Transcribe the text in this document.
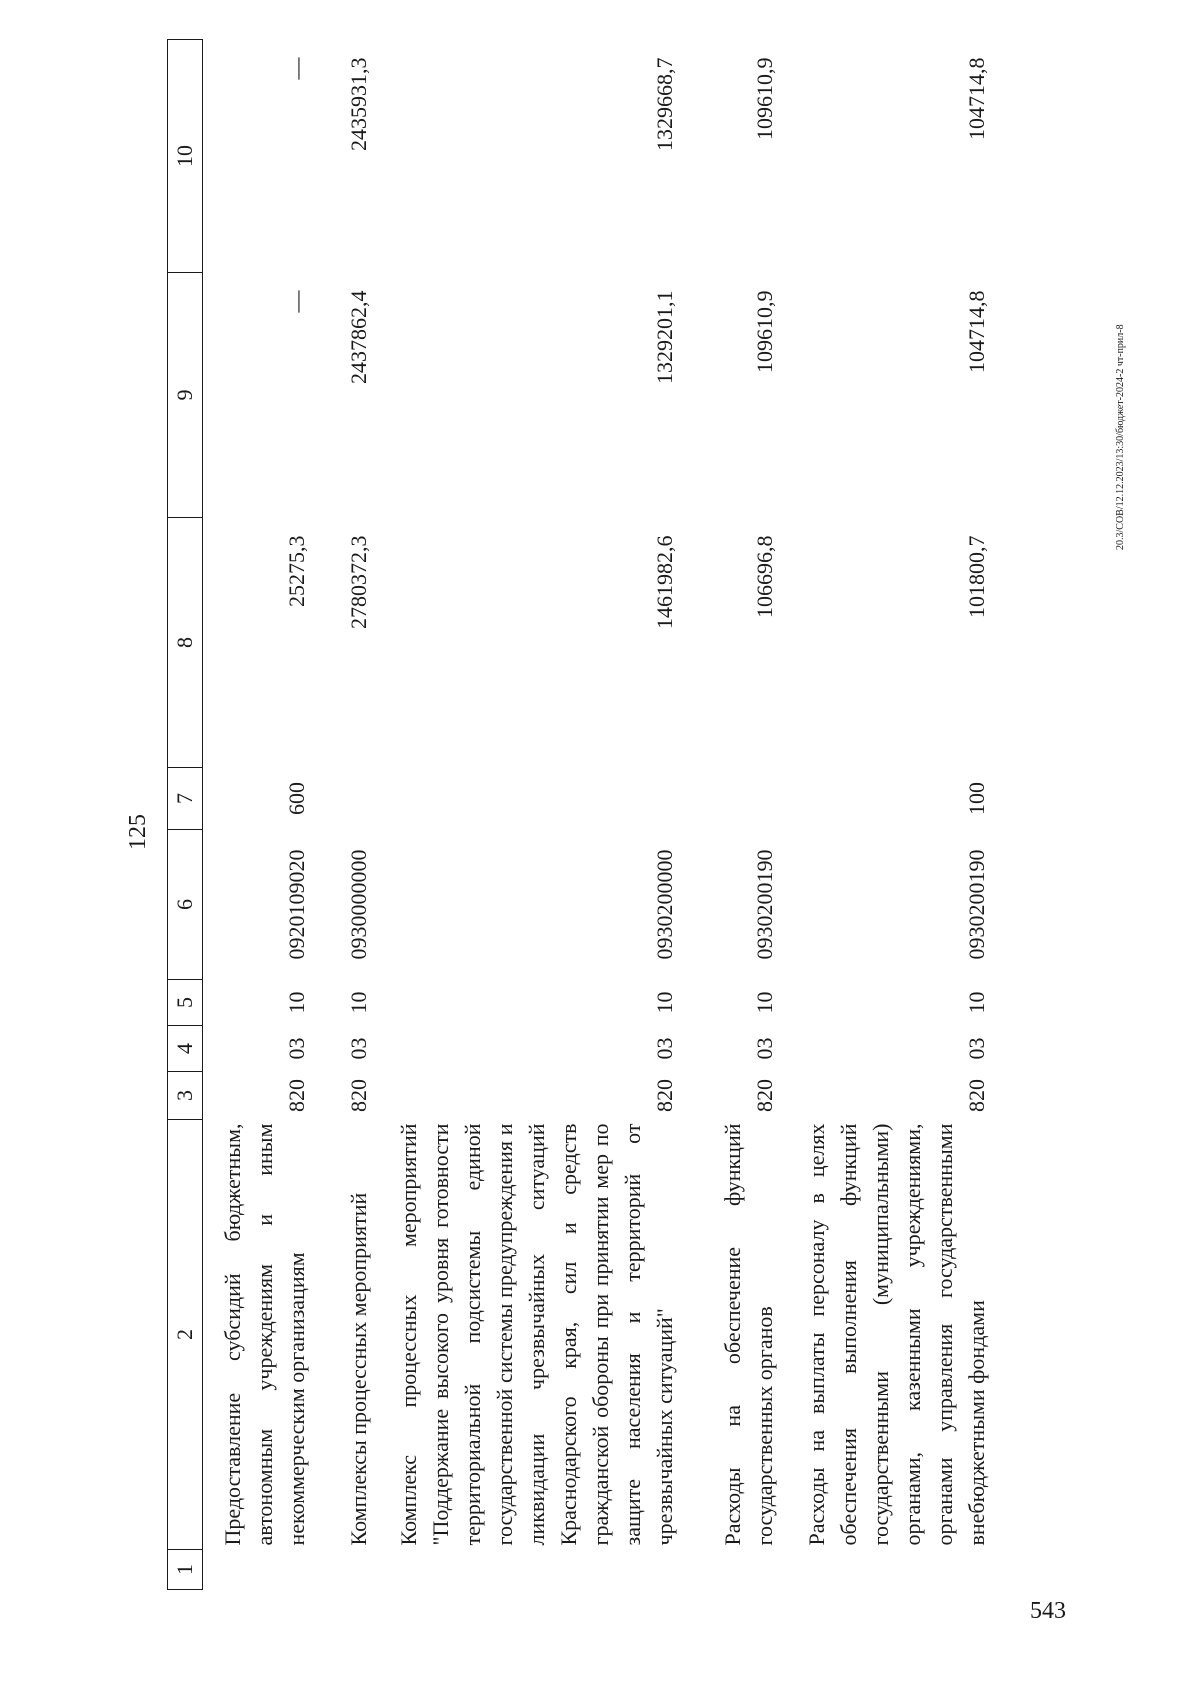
125
1	2	3	4	5	6	7	8	9	10
	Предоставление субсидий бюджетным, автономным учреждениям и иным некоммерческим организациям	820	03	10	0920109020	600	25275,3	—	—
	Комплексы процессных мероприятий	820	03	10	0930000000		2780372,3	2437862,4	2435931,3
	Комплекс процессных мероприятий "Поддержание высокого уровня готовности территориальной подсистемы единой государственной системы предупреждения и ликвидации чрезвычайных ситуаций Краснодарского края, сил и средств гражданской обороны при принятии мер по защите населения и территорий от чрезвычайных ситуаций"	820	03	10	0930200000		1461982,6	1329201,1	1329668,7
	Расходы на обеспечение функций государственных органов	820	03	10	0930200190		106696,8	109610,9	109610,9
	Расходы на выплаты персоналу в целях обеспечения выполнения функций государственными (муниципальными) органами, казенными учреждениями, органами управления государственными внебюджетными фондами	820	03	10	0930200190	100	101800,7	104714,8	104714,8
20.3/СОВ/12.12.2023/13:30/бюджет-2024-2 чт-прил-8
543
